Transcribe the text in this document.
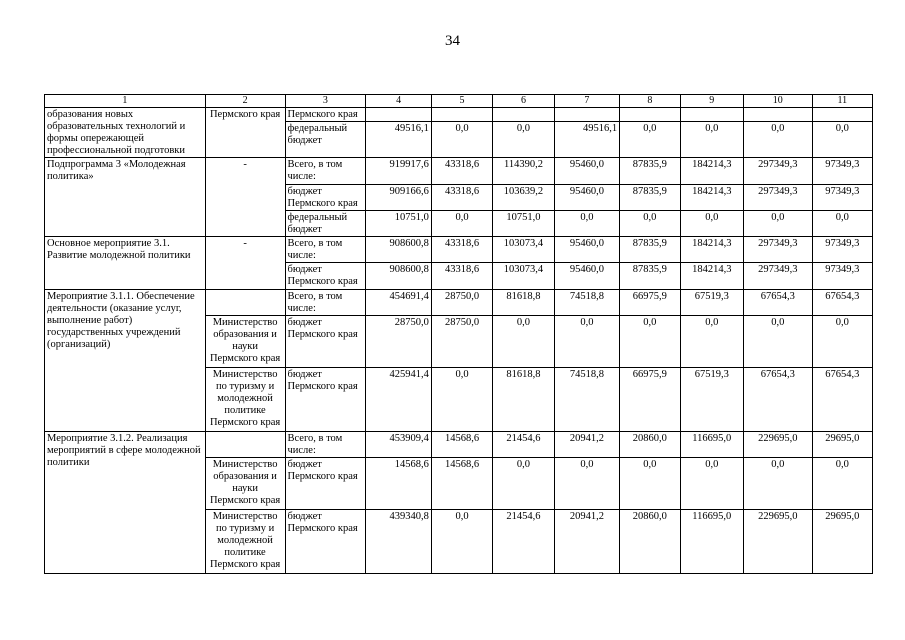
34
1	2	3	4	5	6	7	8	9	10	11
образования новых образовательных технологий и формы опережающей профессиональной подготовки	Пермского края	Пермского края								
		федеральный бюджет	49516,1	0,0	0,0	49516,1	0,0	0,0	0,0	0,0
Подпрограмма 3 «Молодежная политика»	-	Всего, в том числе:	919917,6	43318,6	114390,2	95460,0	87835,9	184214,3	297349,3	97349,3
		бюджет Пермского края	909166,6	43318,6	103639,2	95460,0	87835,9	184214,3	297349,3	97349,3
		федеральный бюджет	10751,0	0,0	10751,0	0,0	0,0	0,0	0,0	0,0
Основное мероприятие 3.1. Развитие молодежной политики	-	Всего, в том числе:	908600,8	43318,6	103073,4	95460,0	87835,9	184214,3	297349,3	97349,3
		бюджет Пермского края	908600,8	43318,6	103073,4	95460,0	87835,9	184214,3	297349,3	97349,3
Мероприятие 3.1.1. Обеспечение деятельности (оказание услуг, выполнение работ) государственных учреждений (организаций)		Всего, в том числе:	454691,4	28750,0	81618,8	74518,8	66975,9	67519,3	67654,3	67654,3
	Министерство образования и науки Пермского края	бюджет Пермского края	28750,0	28750,0	0,0	0,0	0,0	0,0	0,0	0,0
	Министерство по туризму и молодежной политике Пермского края	бюджет Пермского края	425941,4	0,0	81618,8	74518,8	66975,9	67519,3	67654,3	67654,3
Мероприятие 3.1.2. Реализация мероприятий в сфере молодежной политики		Всего, в том числе:	453909,4	14568,6	21454,6	20941,2	20860,0	116695,0	229695,0	29695,0
	Министерство образования и науки Пермского края	бюджет Пермского края	14568,6	14568,6	0,0	0,0	0,0	0,0	0,0	0,0
	Министерство по туризму и молодежной политике Пермского края	бюджет Пермского края	439340,8	0,0	21454,6	20941,2	20860,0	116695,0	229695,0	29695,0
